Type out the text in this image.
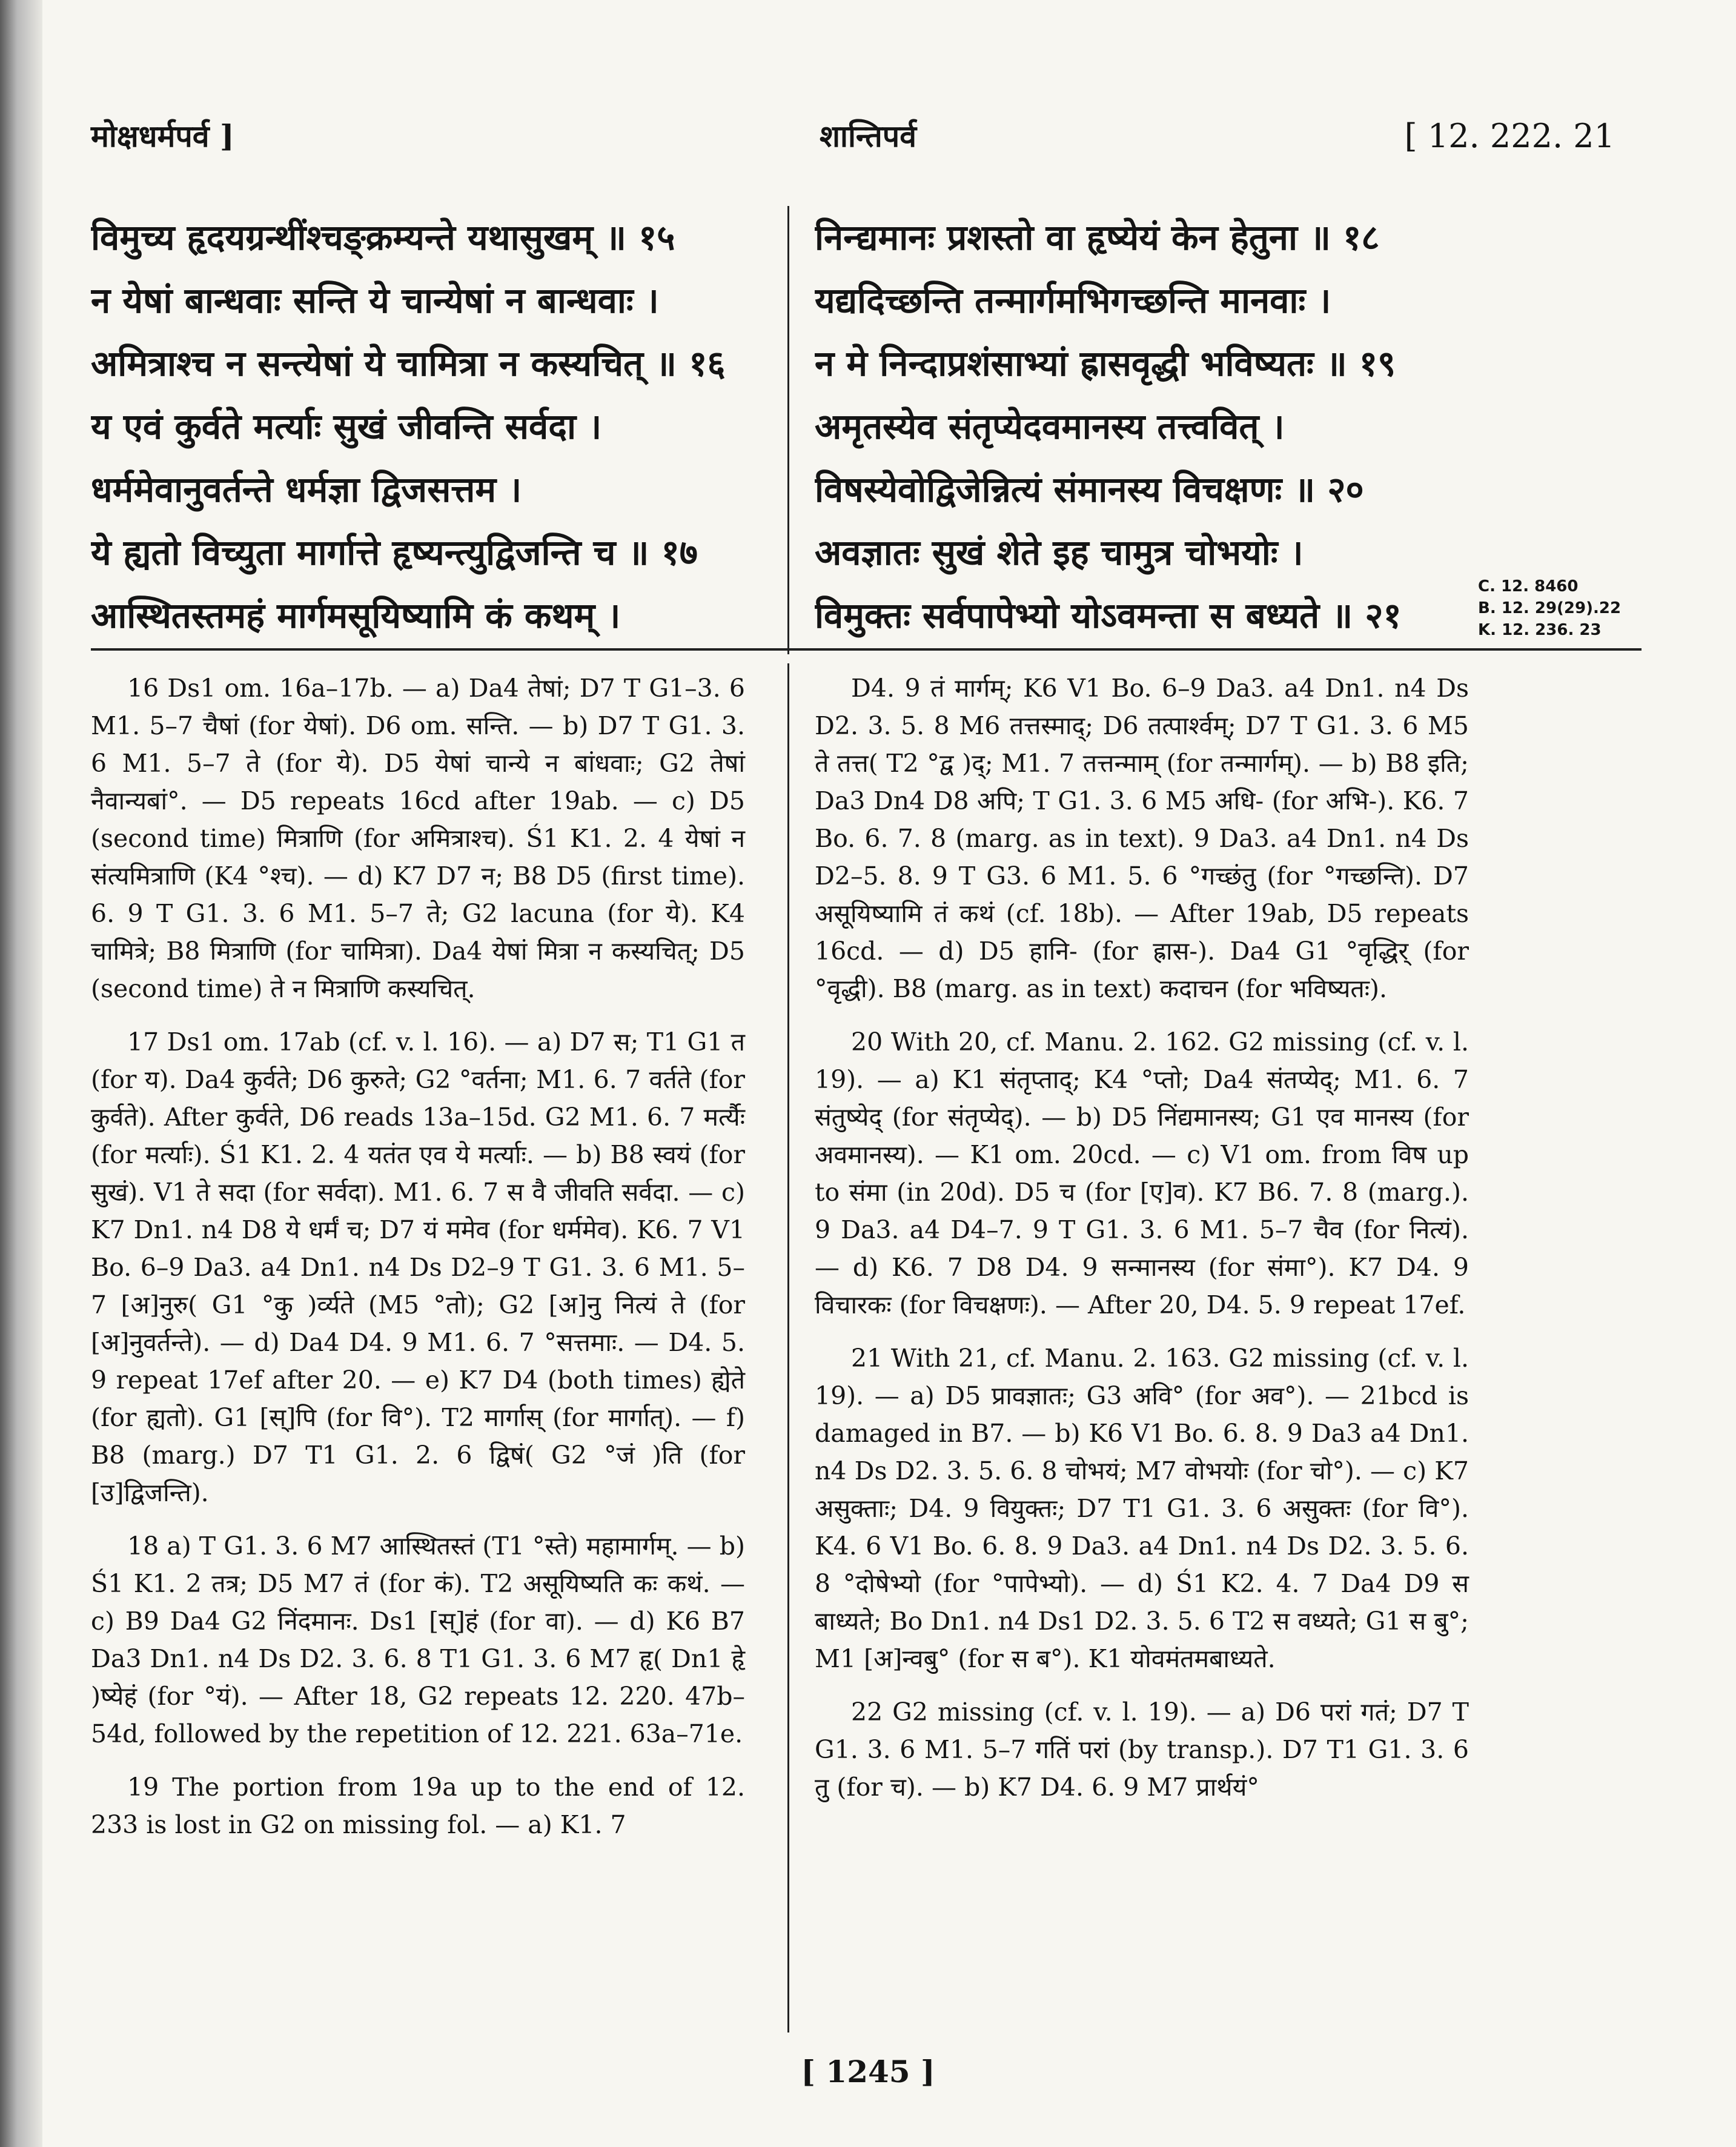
मोक्षधर्मपर्व ]	शान्तिपर्व	[ 12. 222. 21
विमुच्य हृदयग्रन्थींश्चङ्क्रम्यन्ते यथासुखम् ॥ १५
न येषां बान्धवाः सन्ति ये चान्येषां न बान्धवाः ।
अमित्राश्च न सन्त्येषां ये चामित्रा न कस्यचित् ॥ १६
य एवं कुर्वते मर्त्याः सुखं जीवन्ति सर्वदा ।
धर्ममेवानुवर्तन्ते धर्मज्ञा द्विजसत्तम ।
ये ह्यतो विच्युता मार्गात्ते हृष्यन्त्युद्विजन्ति च ॥ १७
आस्थितस्तमहं मार्गमसूयिष्यामि कं कथम् ।
निन्द्यमानः प्रशस्तो वा हृष्येयं केन हेतुना ॥ १८
यद्यदिच्छन्ति तन्मार्गमभिगच्छन्ति मानवाः ।
न मे निन्दाप्रशंसाभ्यां ह्रासवृद्धी भविष्यतः ॥ १९
अमृतस्येव संतृप्येदवमानस्य तत्त्ववित् ।
विषस्येवोद्विजेन्नित्यं संमानस्य विचक्षणः ॥ २०
अवज्ञातः सुखं शेते इह चामुत्र चोभयोः ।
विमुक्तः सर्वपापेभ्यो योऽवमन्ता स बध्यते ॥ २१
C. 12. 8460
B. 12. 29(29).22
K. 12. 236. 23
16 Ds1 om. 16a–17b. — a) Da4 तेषां; D7 T G1–3. 6 M1. 5–7 चैषां (for येषां). D6 om. सन्ति. — b) D7 T G1. 3. 6 M1. 5–7 ते (for ये). D5 येषां चान्ये न बांधवाः; G2 तेषां नैवान्यबां°. — D5 repeats 16cd after 19ab. — c) D5 (second time) मित्राणि (for अमित्राश्च). Ś1 K1. 2. 4 येषां न संत्यमित्राणि (K4 °श्च). — d) K7 D7 न; B8 D5 (first time). 6. 9 T G1. 3. 6 M1. 5–7 ते; G2 lacuna (for ये). K4 चामित्रे; B8 मित्राणि (for चामित्रा). Da4 येषां मित्रा न कस्यचित्; D5 (second time) ते न मित्राणि कस्यचित्.
17 Ds1 om. 17ab (cf. v. l. 16). — a) D7 स; T1 G1 त (for य). Da4 कुर्वते; D6 कुरुते; G2 °वर्तना; M1. 6. 7 वर्तते (for कुर्वते). After कुर्वते, D6 reads 13a–15d. G2 M1. 6. 7 मर्त्यैः (for मर्त्याः). Ś1 K1. 2. 4 यतंत एव ये मर्त्याः. — b) B8 स्वयं (for सुखं). V1 ते सदा (for सर्वदा). M1. 6. 7 स वै जीवति सर्वदा. — c) K7 Dn1. n4 D8 ये धर्मं च; D7 यं ममेव (for धर्ममेव). K6. 7 V1 Bo. 6–9 Da3. a4 Dn1. n4 Ds D2–9 T G1. 3. 6 M1. 5–7 [अ]नुरु( G1 °कु )र्व्यते (M5 °तो); G2 [अ]नु नित्यं ते (for [अ]नुवर्तन्ते). — d) Da4 D4. 9 M1. 6. 7 °सत्तमाः. — D4. 5. 9 repeat 17ef after 20. — e) K7 D4 (both times) ह्येते (for ह्यतो). G1 [स्]पि (for वि°). T2 मार्गास् (for मार्गात्). — f) B8 (marg.) D7 T1 G1. 2. 6 द्विषं( G2 °जं )ति (for [उ]द्विजन्ति).
18 a) T G1. 3. 6 M7 आस्थितस्तं (T1 °स्ते) महामार्गम्. — b) Ś1 K1. 2 तत्र; D5 M7 तं (for कं). T2 असूयिष्यति कः कथं. — c) B9 Da4 G2 निंदमानः. Ds1 [स्]हं (for वा). — d) K6 B7 Da3 Dn1. n4 Ds D2. 3. 6. 8 T1 G1. 3. 6 M7 हृ( Dn1 हृे )ष्येहं (for °यं). — After 18, G2 repeats 12. 220. 47b–54d, followed by the repetition of 12. 221. 63a–71e.
19 The portion from 19a up to the end of 12. 233 is lost in G2 on missing fol. — a) K1. 7
D4. 9 तं मार्गम्; K6 V1 Bo. 6–9 Da3. a4 Dn1. n4 Ds D2. 3. 5. 8 M6 तत्तस्माद्; D6 तत्पार्श्वम्; D7 T G1. 3. 6 M5 ते तत्त( T2 °द्व )द्; M1. 7 तत्तन्माम् (for तन्मार्गम्). — b) B8 इति; Da3 Dn4 D8 अपि; T G1. 3. 6 M5 अधि- (for अभि-). K6. 7 Bo. 6. 7. 8 (marg. as in text). 9 Da3. a4 Dn1. n4 Ds D2–5. 8. 9 T G3. 6 M1. 5. 6 °गच्छंतु (for °गच्छन्ति). D7 असूयिष्यामि तं कथं (cf. 18b). — After 19ab, D5 repeats 16cd. — d) D5 हानि- (for ह्रास-). Da4 G1 °वृद्धिर् (for °वृद्धी). B8 (marg. as in text) कदाचन (for भविष्यतः).
20 With 20, cf. Manu. 2. 162. G2 missing (cf. v. l. 19). — a) K1 संतृप्ताद्; K4 °प्तो; Da4 संतप्येद्; M1. 6. 7 संतुष्येद् (for संतृप्येद्). — b) D5 निंद्यमानस्य; G1 एव मानस्य (for अवमानस्य). — K1 om. 20cd. — c) V1 om. from विष up to संमा (in 20d). D5 च (for [ए]व). K7 B6. 7. 8 (marg.). 9 Da3. a4 D4–7. 9 T G1. 3. 6 M1. 5–7 चैव (for नित्यं). — d) K6. 7 D8 D4. 9 सन्मानस्य (for संमा°). K7 D4. 9 विचारकः (for विचक्षणः). — After 20, D4. 5. 9 repeat 17ef.
21 With 21, cf. Manu. 2. 163. G2 missing (cf. v. l. 19). — a) D5 प्रावज्ञातः; G3 अवि° (for अव°). — 21bcd is damaged in B7. — b) K6 V1 Bo. 6. 8. 9 Da3 a4 Dn1. n4 Ds D2. 3. 5. 6. 8 चोभयं; M7 वोभयोः (for चो°). — c) K7 असुक्ताः; D4. 9 वियुक्तः; D7 T1 G1. 3. 6 असुक्तः (for वि°). K4. 6 V1 Bo. 6. 8. 9 Da3. a4 Dn1. n4 Ds D2. 3. 5. 6. 8 °दोषेभ्यो (for °पापेभ्यो). — d) Ś1 K2. 4. 7 Da4 D9 स बाध्यते; Bo Dn1. n4 Ds1 D2. 3. 5. 6 T2 स वध्यते; G1 स बु°; M1 [अ]न्वबु° (for स ब°). K1 योवमंतमबाध्यते.
22 G2 missing (cf. v. l. 19). — a) D6 परां गतं; D7 T G1. 3. 6 M1. 5–7 गतिं परां (by transp.). D7 T1 G1. 3. 6 तु (for च). — b) K7 D4. 6. 9 M7 प्रार्थयं°
[ 1245 ]
